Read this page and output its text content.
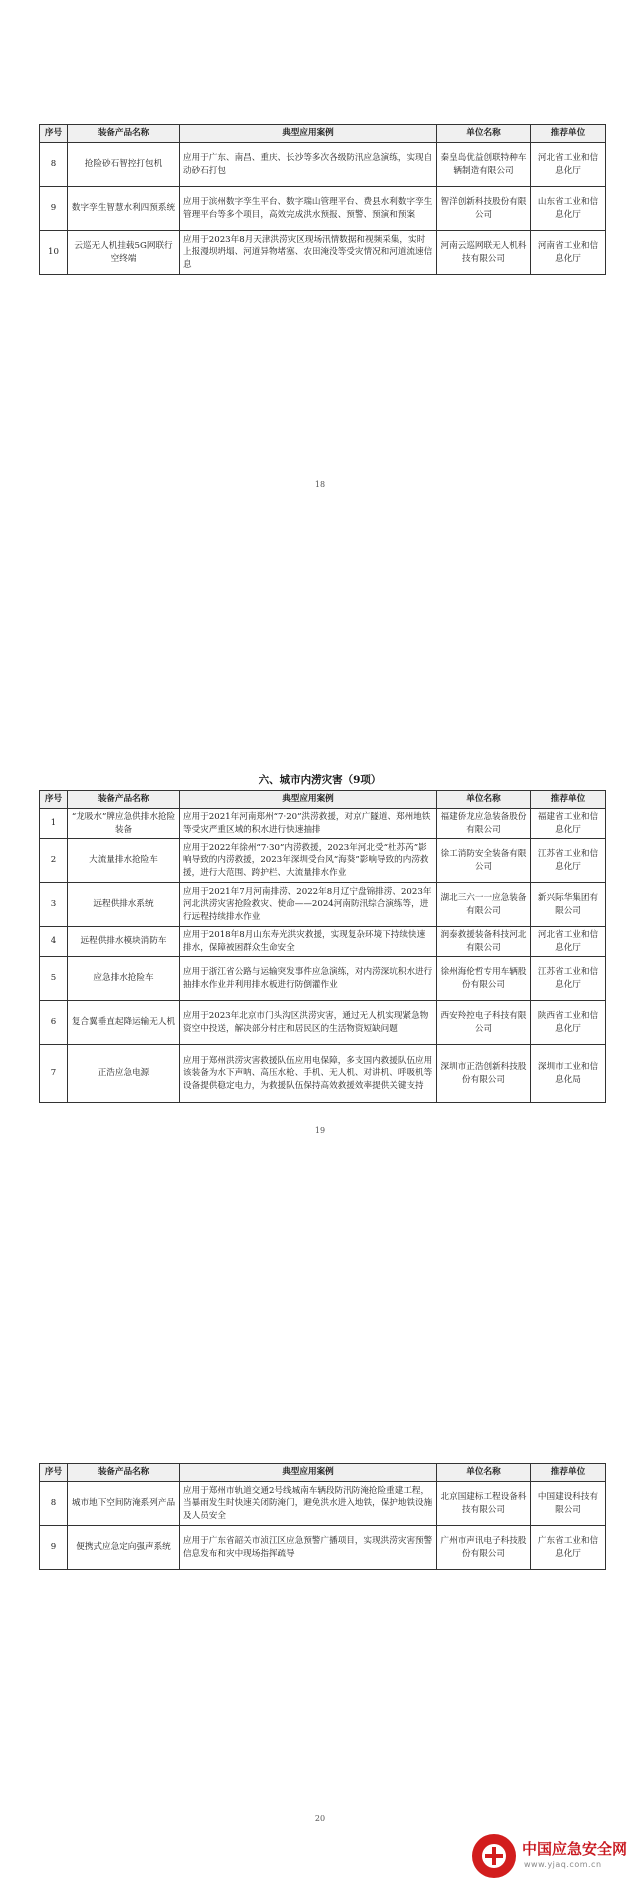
序号	装备产品名称	典型应用案例	单位名称	推荐单位
8	抢险砂石智控打包机	应用于广东、南昌、重庆、长沙等多次各级防汛应急演练，实现自动砂石打包	秦皇岛优益创联特种车辆制造有限公司	河北省工业和信息化厅
9	数字孪生智慧水利四预系统	应用于滨州数字孪生平台、数字瑞山管理平台、费县水利数字孪生管理平台等多个项目，高效完成洪水预报、预警、预演和预案	智洋创新科技股份有限公司	山东省工业和信息化厅
10	云巡无人机挂载5G网联行空终端	应用于2023年8月天津洪涝灾区现场汛情数据和视频采集，实时上报漫坝坍塌、河道异物堵塞、农田淹没等受灾情况和河道流速信息	河南云巡网联无人机科技有限公司	河南省工业和信息化厅
18
六、城市内涝灾害（9项）
序号	装备产品名称	典型应用案例	单位名称	推荐单位
1	“龙吸水”牌应急供排水抢险装备	应用于2021年河南郑州“7·20”洪涝救援，对京广隧道、郑州地铁等受灾严重区域的积水进行快速抽排	福建侨龙应急装备股份有限公司	福建省工业和信息化厅
2	大流量排水抢险车	应用于2022年徐州“7·30”内涝救援，2023年河北受“杜苏芮”影响导致的内涝救援，2023年深圳受台风“海葵”影响导致的内涝救援，进行大范围、跨护栏、大流量排水作业	徐工消防安全装备有限公司	江苏省工业和信息化厅
3	远程供排水系统	应用于2021年7月河南排涝、2022年8月辽宁盘锦排涝、2023年河北洪涝灾害抢险救灾、使命——2024河南防汛综合演练等，进行远程持续排水作业	湖北三六一一应急装备有限公司	新兴际华集团有限公司
4	远程供排水模块消防车	应用于2018年8月山东寿光洪灾救援，实现复杂环境下持续快速排水，保障被困群众生命安全	润泰救援装备科技河北有限公司	河北省工业和信息化厅
5	应急排水抢险车	应用于浙江省公路与运输突发事件应急演练，对内涝深坑积水进行抽排水作业并利用排水板进行防倒灌作业	徐州海伦哲专用车辆股份有限公司	江苏省工业和信息化厅
6	复合翼垂直起降运输无人机	应用于2023年北京市门头沟区洪涝灾害，通过无人机实现紧急物资空中投送，解决部分村庄和居民区的生活物资短缺问题	西安羚控电子科技有限公司	陕西省工业和信息化厅
7	正浩应急电源	应用于郑州洪涝灾害救援队伍应用电保障，多支国内救援队伍应用该装备为水下声呐、高压水枪、手机、无人机、对讲机、呼吸机等设备提供稳定电力，为救援队伍保持高效救援效率提供关键支持	深圳市正浩创新科技股份有限公司	深圳市工业和信息化局
19
序号	装备产品名称	典型应用案例	单位名称	推荐单位
8	城市地下空间防淹系列产品	应用于郑州市轨道交通2号线城南车辆段防汛防淹抢险重建工程，当暴雨发生时快速关闭防淹门，避免洪水进入地铁，保护地铁设施及人员安全	北京国建标工程设备科技有限公司	中国建设科技有限公司
9	便携式应急定向强声系统	应用于广东省韶关市浈江区应急预警广播项目，实现洪涝灾害预警信息发布和灾中现场指挥疏导	广州市声讯电子科技股份有限公司	广东省工业和信息化厅
20
中国应急安全网
www.yjaq.com.cn
